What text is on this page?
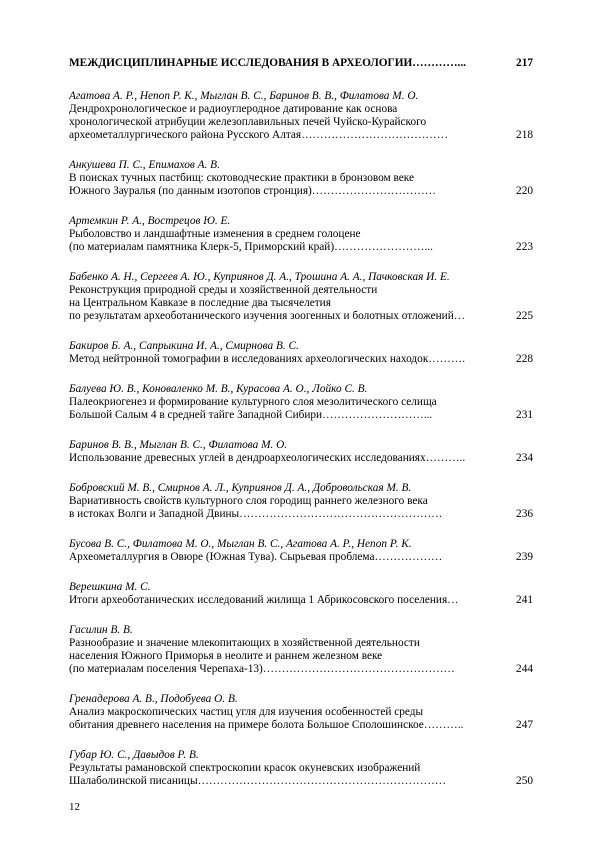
МЕЖДИСЦИПЛИНАРНЫЕ ИССЛЕДОВАНИЯ В АРХЕОЛОГИИ…………...	217
Агатова А. Р., Непоп Р. К., Мыглан В. С., Баринов В. В., Филатова М. О.
Дендрохронологическое и радиоуглеродное датирование как основа
хронологической атрибуции железоплавильных печей Чуйско-Курайского
археометаллургического района Русского Алтая…………………………………	218
Анкушева П. С., Епимахов А. В.
В поисках тучных пастбищ: скотоводческие практики в бронзовом веке
Южного Зауралья (по данным изотопов стронция)……………………………	220
Артемкин Р. А., Вострецов Ю. Е.
Рыболовство и ландшафтные изменения в среднем голоцене
(по материалам памятника Клерк-5, Приморский край)……………………...	223
Бабенко А. Н., Сергеев А. Ю., Куприянов Д. А., Трошина А. А., Пачковская И. Е.
Реконструкция природной среды и хозяйственной деятельности
на Центральном Кавказе в последние два тысячелетия
по результатам археоботанического изучения зоогенных и болотных отложений…	225
Бакиров Б. А., Сапрыкина И. А., Смирнова В. С.
Метод нейтронной томографии в исследованиях археологических находок……….	228
Балуева Ю. В., Коноваленко М. В., Курасова А. О., Лойко С. В.
Палеокриогенез и формирование культурного слоя мезолитического селища
Большой Салым 4 в средней тайге Западной Сибири………………………...	231
Баринов В. В., Мыглан В. С., Филатова М. О.
Использование древесных углей в дендроархеологических исследованиях………..	234
Бобровский М. В., Смирнов А. Л., Куприянов Д. А., Добровольская М. В.
Вариативность свойств культурного слоя городищ раннего железного века
в истоках Волги и Западной Двины………………………………………………	236
Бусова В. С., Филатова М. О., Мыглан В. С., Агатова А. Р., Непоп Р. К.
Археометаллургия в Овюре (Южная Тува). Сырьевая проблема………………	239
Верешкина М. С.
Итоги археоботанических исследований жилища 1 Абрикосовского поселения…	241
Гасилин В. В.
Разнообразие и значение млекопитающих в хозяйственной деятельности
населения Южного Приморья в неолите и раннем железном веке
(по материалам поселения Черепаха-13)……………………………………………	244
Гренадерова А. В., Подобуева О. В.
Анализ макроскопических частиц угля для изучения особенностей среды
обитания древнего населения на примере болота Большое Сполошинское………..	247
Губар Ю. С., Давыдов Р. В.
Результаты рамановской спектроскопии красок окуневских изображений
Шалаболинской писаницы…………………………………………………………	250
12
